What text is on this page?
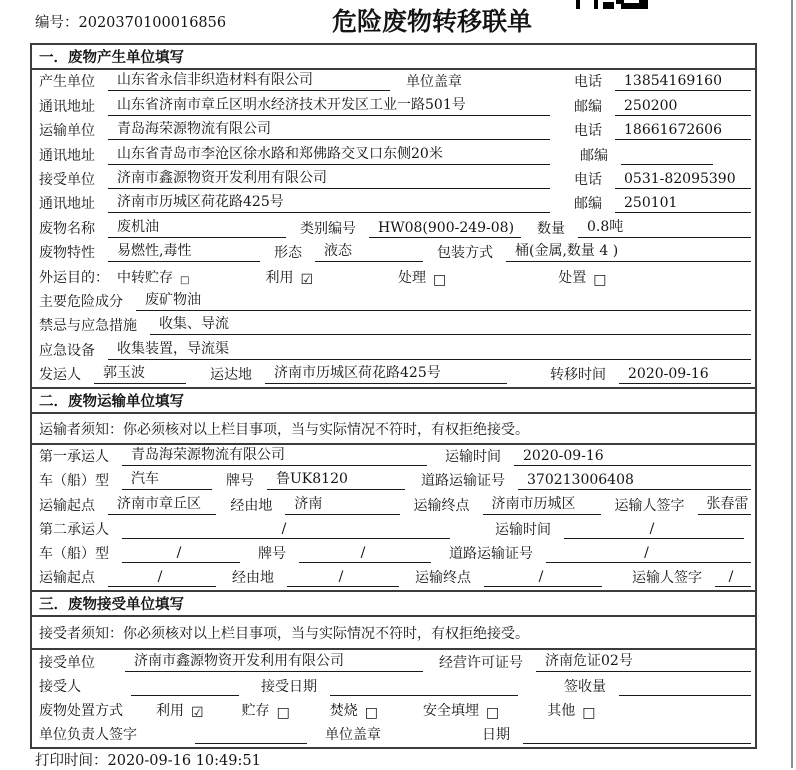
编号：2020370100016856	危险废物转移联单
一．废物产生单位填写
产生单位	山东省永信非织造材料有限公司	单位盖章	电话	13854169160
通讯地址	山东省济南市章丘区明水经济技术开发区工业一路501号	邮编	250200
运输单位	青岛海荣源物流有限公司	电话	18661672606
通讯地址	山东省青岛市李沧区徐水路和郑佛路交叉口东侧20米	邮编
接受单位	济南市鑫源物资开发利用有限公司	电话	0531-82095390
通讯地址	济南市历城区荷花路425号	邮编	250101
废物名称	废机油	类别编号	HW08(900-249-08)	数量	0.8吨
废物特性	易燃性,毒性	形态	液态	包装方式	桶(金属,数量 4 )
外运目的： 中转贮存 □	利用 ☑	处理 □	处置 □
主要危险成分	废矿物油
禁忌与应急措施	收集、导流
应急设备	收集装置，导流渠
发运人	郭玉波	运达地	济南市历城区荷花路425号	转移时间	2020-09-16
二．废物运输单位填写
运输者须知：你必须核对以上栏目事项，当与实际情况不符时，有权拒绝接受。
第一承运人	青岛海荣源物流有限公司	运输时间	2020-09-16
车（船）型	汽车	牌号	鲁UK8120	道路运输证号	370213006408
运输起点	济南市章丘区	经由地	济南	运输终点	济南市历城区	运输人签字	张春雷
第二承运人	/	运输时间	/
车（船）型	/	牌号	/	道路运输证号	/
运输起点	/	经由地	/	运输终点	/	运输人签字	/
三．废物接受单位填写
接受者须知：你必须核对以上栏目事项，当与实际情况不符时，有权拒绝接受。
接受单位	济南市鑫源物资开发利用有限公司	经营许可证号	济南危证02号
接受人	接受日期	签收量
废物处置方式 利用 ☑	贮存 □	焚烧 □	安全填埋 □	其他 □
单位负责人签字	单位盖章	日期
打印时间：2020-09-16 10:49:51
